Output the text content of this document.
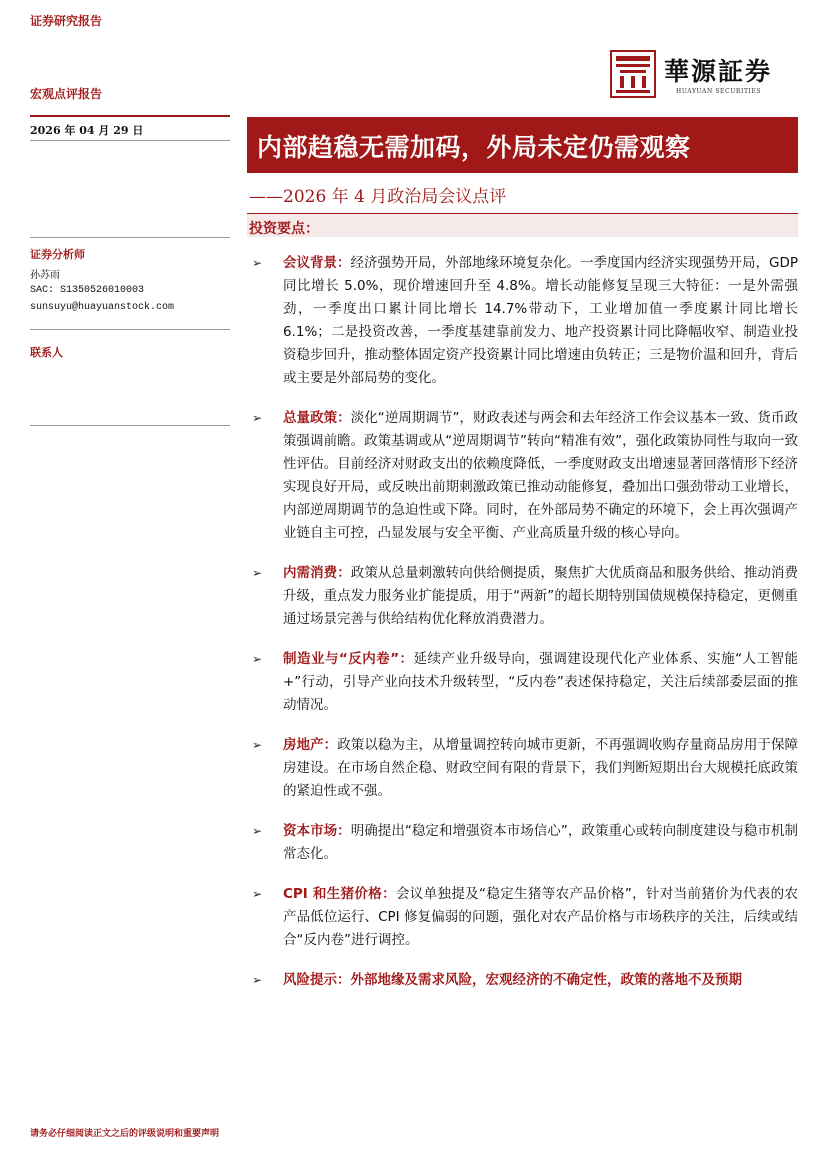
证券研究报告
宏观点评报告
華源証券
HUAYUAN SECURITIES
2026 年 04 月 29 日
内部趋稳无需加码，外局未定仍需观察
——2026 年 4 月政治局会议点评
投资要点：
证券分析师
孙苏雨
SAC: S1350526010003
sunsuyu@huayuanstock.com
联系人
➢ 会议背景：经济强势开局，外部地缘环境复杂化。一季度国内经济实现强势开局，GDP 同比增长 5.0%，现价增速回升至 4.8%。增长动能修复呈现三大特征：一是外需强劲，一季度出口累计同比增长 14.7%带动下，工业增加值一季度累计同比增长 6.1%；二是投资改善，一季度基建靠前发力、地产投资累计同比降幅收窄、制造业投资稳步回升，推动整体固定资产投资累计同比增速由负转正；三是物价温和回升，背后或主要是外部局势的变化。
➢ 总量政策：淡化“逆周期调节”，财政表述与两会和去年经济工作会议基本一致、货币政策强调前瞻。政策基调或从“逆周期调节”转向“精准有效”，强化政策协同性与取向一致性评估。目前经济对财政支出的依赖度降低，一季度财政支出增速显著回落情形下经济实现良好开局，或反映出前期刺激政策已推动动能修复，叠加出口强劲带动工业增长，内部逆周期调节的急迫性或下降。同时，在外部局势不确定的环境下，会上再次强调产业链自主可控，凸显发展与安全平衡、产业高质量升级的核心导向。
➢ 内需消费：政策从总量刺激转向供给侧提质，聚焦扩大优质商品和服务供给、推动消费升级，重点发力服务业扩能提质，用于“两新”的超长期特别国债规模保持稳定，更侧重通过场景完善与供给结构优化释放消费潜力。
➢ 制造业与“反内卷”：延续产业升级导向，强调建设现代化产业体系、实施“人工智能+”行动，引导产业向技术升级转型，“反内卷”表述保持稳定，关注后续部委层面的推动情况。
➢ 房地产：政策以稳为主，从增量调控转向城市更新，不再强调收购存量商品房用于保障房建设。在市场自然企稳、财政空间有限的背景下，我们判断短期出台大规模托底政策的紧迫性或不强。
➢ 资本市场：明确提出“稳定和增强资本市场信心”，政策重心或转向制度建设与稳市机制常态化。
➢ CPI 和生猪价格：会议单独提及“稳定生猪等农产品价格”，针对当前猪价为代表的农产品低位运行、CPI 修复偏弱的问题，强化对农产品价格与市场秩序的关注，后续或结合“反内卷”进行调控。
➢ 风险提示：外部地缘及需求风险，宏观经济的不确定性，政策的落地不及预期
请务必仔细阅读正文之后的评级说明和重要声明
